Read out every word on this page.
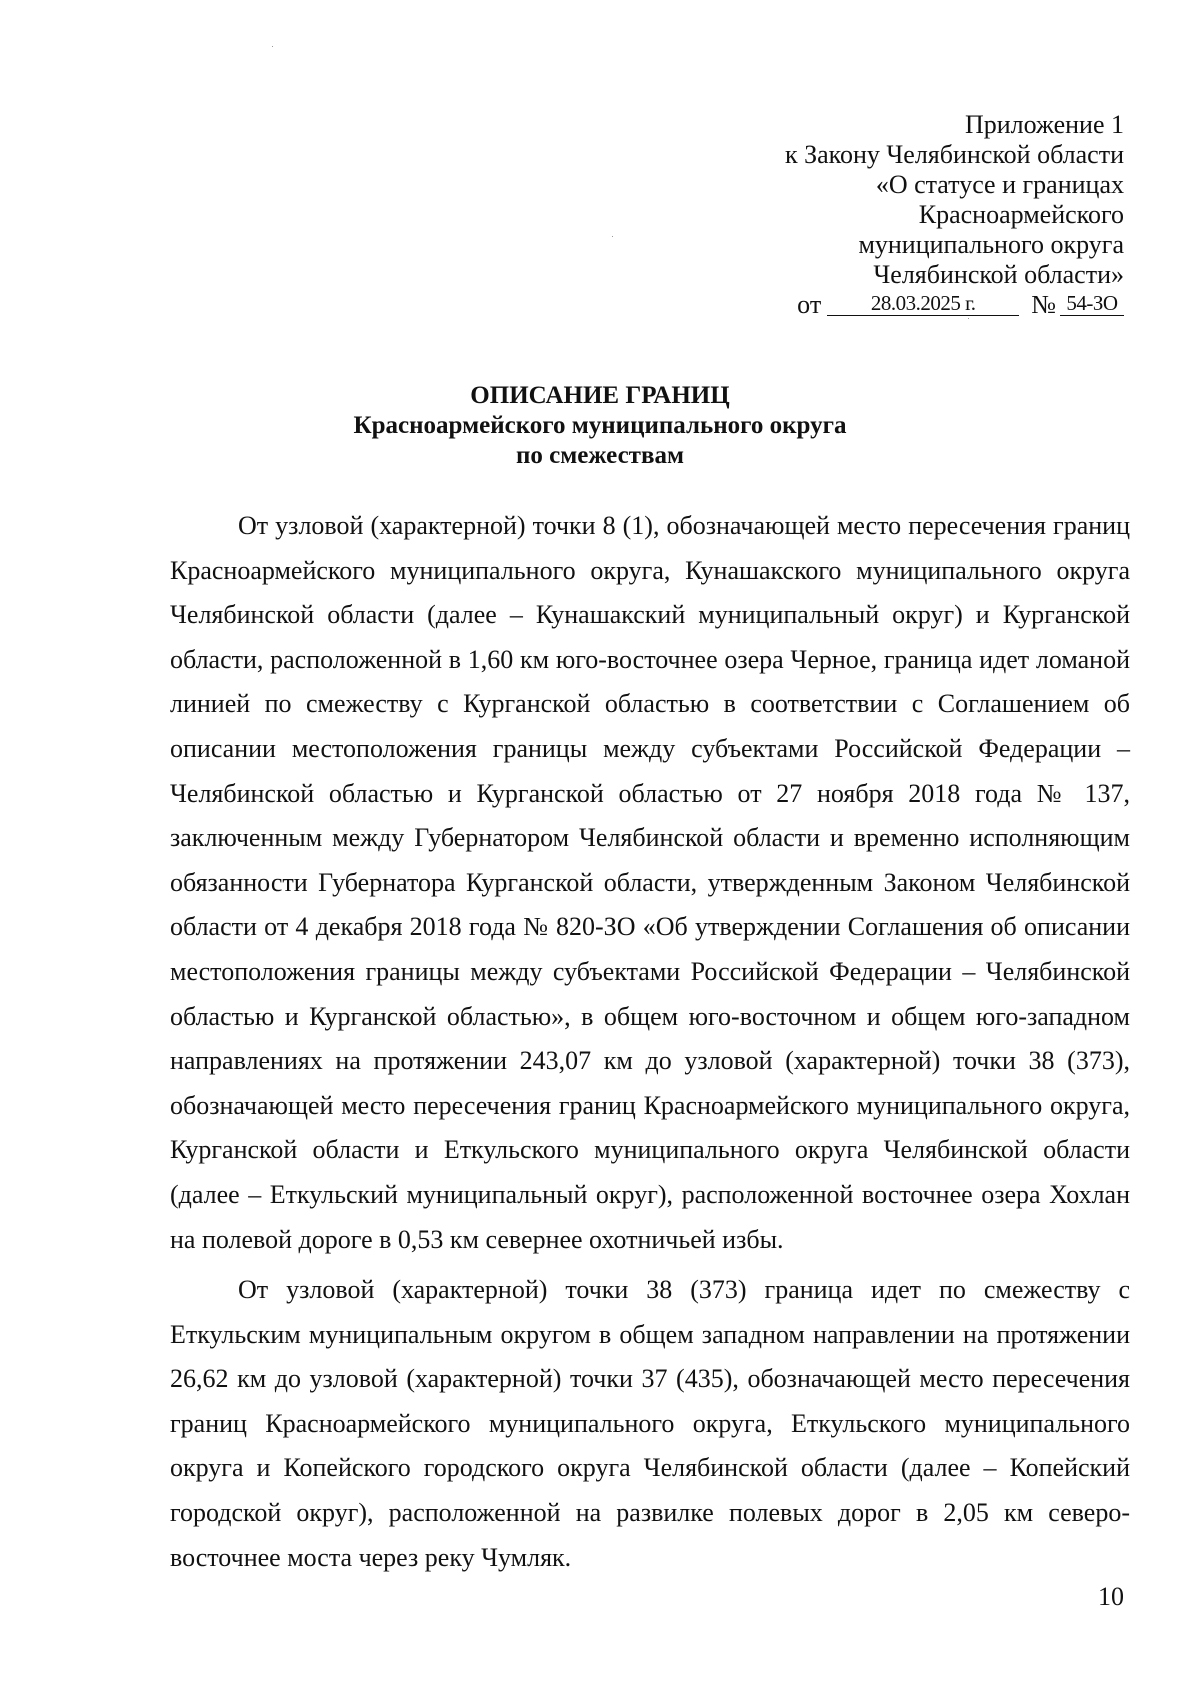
Приложение 1
к Закону Челябинской области
«О статусе и границах
Красноармейского
муниципального округа
Челябинской области»
от	28.03.2025 г.	№ 54-ЗО
ОПИСАНИЕ ГРАНИЦ
Красноармейского муниципального округа
по смежествам

От узловой (характерной) точки 8 (1), обозначающей место пересечения границ Красноармейского муниципального округа, Кунашакского муниципального округа Челябинской области (далее – Кунашакский муниципальный округ) и Курганской области, расположенной в 1,60 км юго-восточнее озера Черное, граница идет ломаной линией по смежеству с Курганской областью в соответствии с Соглашением об описании местоположения границы между субъектами Российской Федерации – Челябинской областью и Курганской областью от 27 ноября 2018 года № 137, заключенным между Губернатором Челябинской области и временно исполняющим обязанности Губернатора Курганской области, утвержденным Законом Челябинской области от 4 декабря 2018 года № 820-ЗО «Об утверждении Соглашения об описании местоположения границы между субъектами Российской Федерации – Челябинской областью и Курганской областью», в общем юго-восточном и общем юго-западном направлениях на протяжении 243,07 км до узловой (характерной) точки 38 (373), обозначающей место пересечения границ Красноармейского муниципального округа, Курганской области и Еткульского муниципального округа Челябинской области (далее – Еткульский муниципальный округ), расположенной восточнее озера Хохлан на полевой дороге в 0,53 км севернее охотничьей избы.

От узловой (характерной) точки 38 (373) граница идет по смежеству с Еткульским муниципальным округом в общем западном направлении на протяжении 26,62 км до узловой (характерной) точки 37 (435), обозначающей место пересечения границ Красноармейского муниципального округа, Еткульского муниципального округа и Копейского городского округа Челябинской области (далее – Копейский городской округ), расположенной на развилке полевых дорог в 2,05 км северо-восточнее моста через реку Чумляк.

10
